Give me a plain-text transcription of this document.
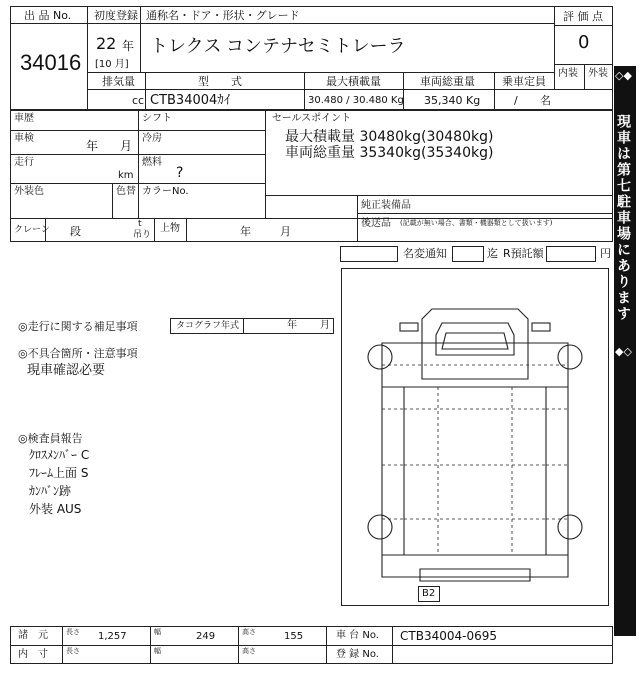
出 品 No.
34016
初度登録 通称名・ドア・形状・グレード
22 年
[10 月]
トレクス コンテナセミトレーラ
評 価 点
0
内装 外装
排気量	型　　式	最大積載量	車両総重量 乗車定員
cc CTB34004ｶｲ	30.480 / 30.480 Kg 35,340 Kg	/ 名
車歴	シフト
車検
年 月
冷房
走行
km
燃料
?
外装色	色替 カラーNo.
セールスポイント
最大積載量 30480kg(30480kg)
車両総重量 35340kg(35340kg)
純正装備品
後送品 (記載が無い場合、書類・機器類として扱います)
クレーン 段
t
吊り
上物	年	月
名変通知	迄 R預託額	円
◎走行に関する補足事項	タコグラフ年式	年 月
◎不具合箇所・注意事項
現車確認必要
◎検査員報告
ｸﾛｽﾒﾝﾊﾞｰ C
ﾌﾚｰﾑ上面 S
ｶﾝﾊﾞﾝ跡
外装 AUS
B2
◇◆
現車は第七駐車場にあります
◆◇
諸　元	長さ 1,257	幅	249	高さ	155	車 台 No. CTB34004-0695
内　寸	長さ	幅	高さ	登 録 No.
